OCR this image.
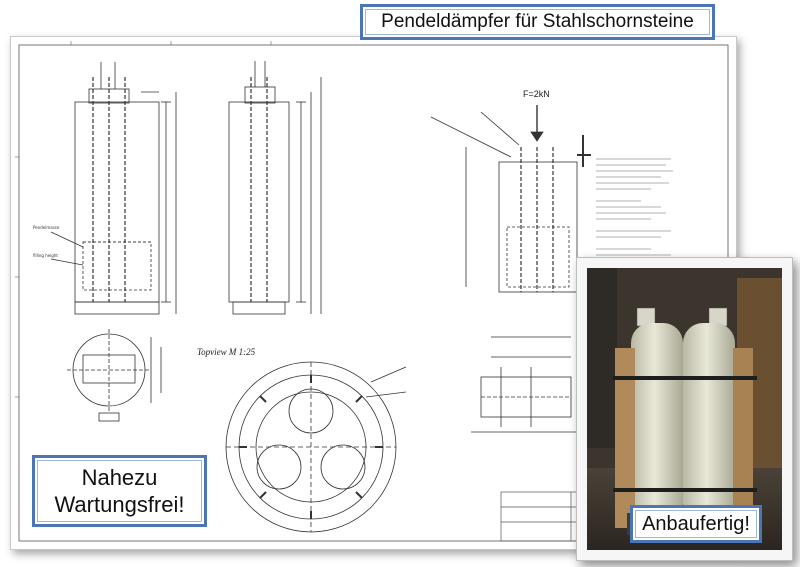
Pendelmasse
filling height
F=2kN
Topview M 1:25
Pendeldämpfer für Stahlschornsteine
Nahezu
Wartungsfrei!
Anbaufertig!
